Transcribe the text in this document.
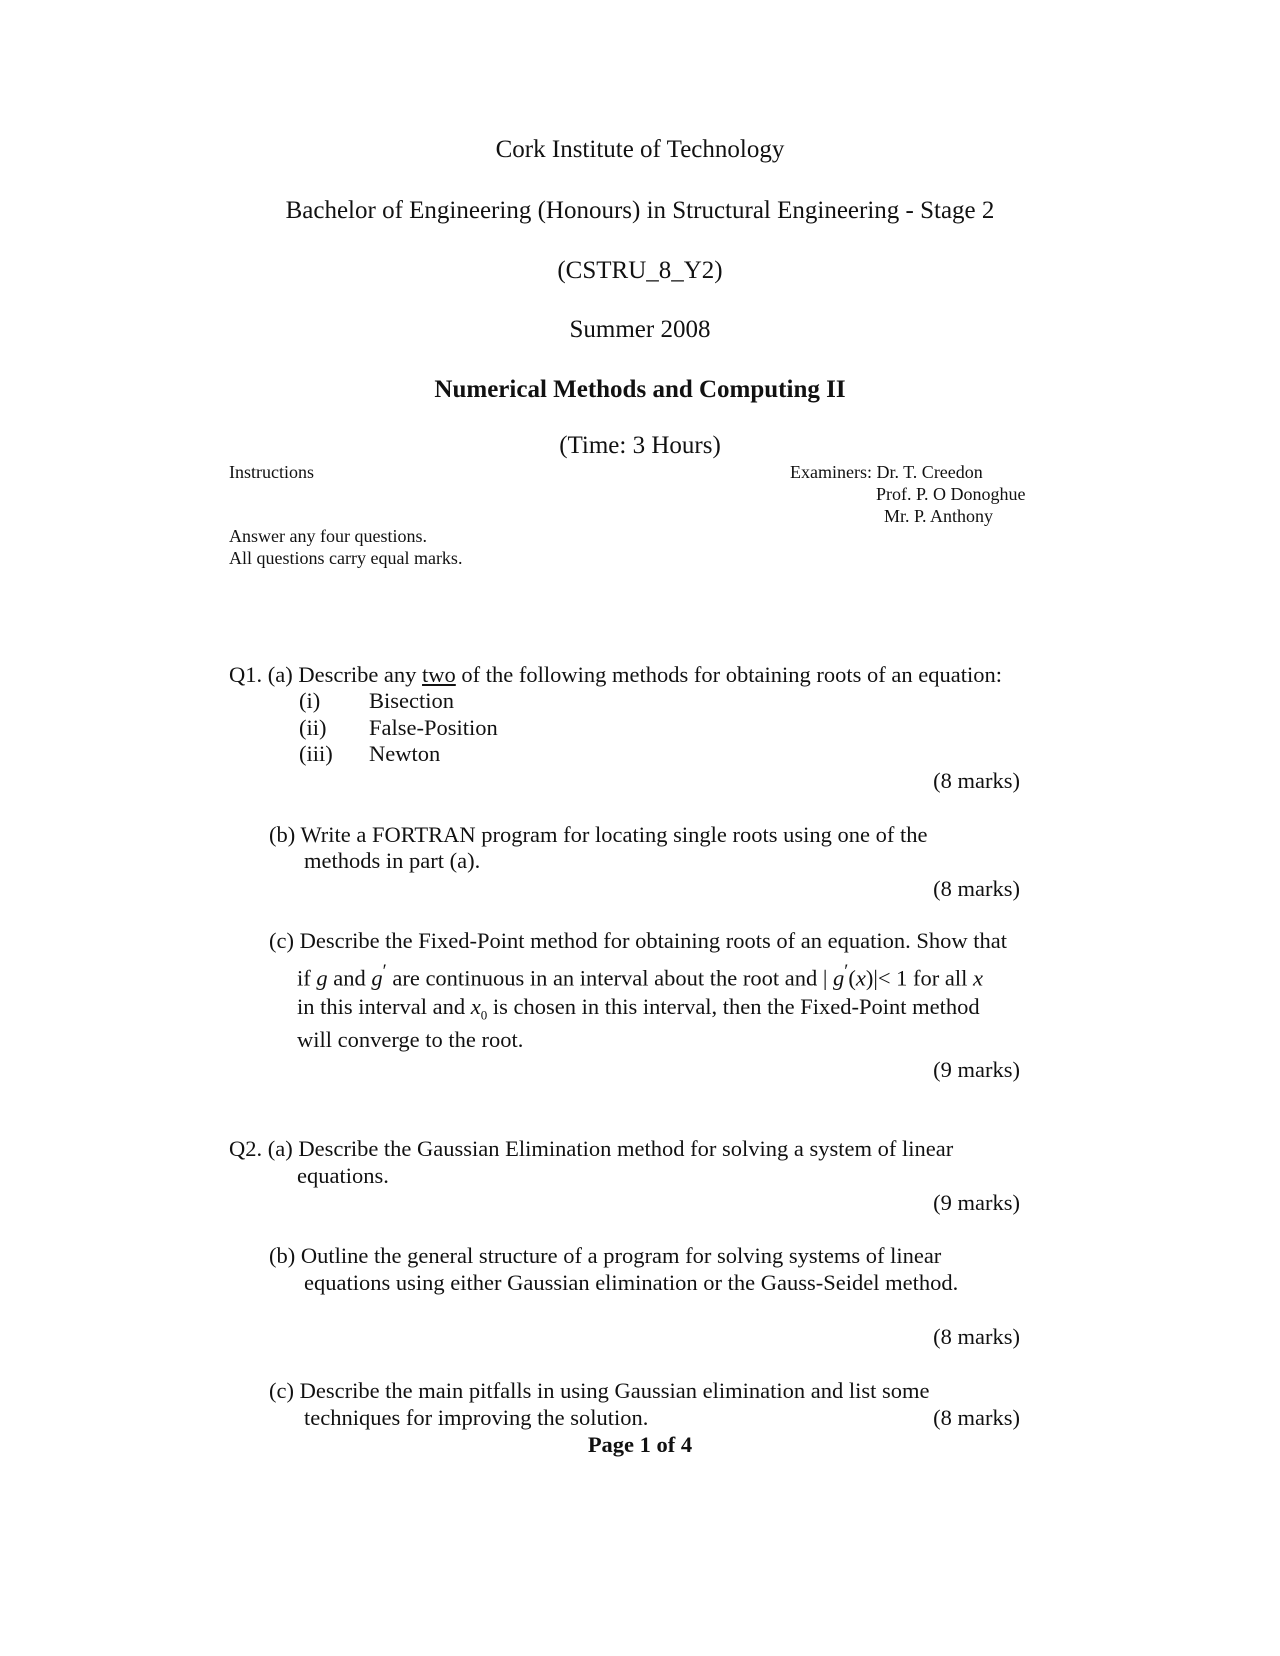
Cork Institute of Technology
Bachelor of Engineering (Honours) in Structural Engineering - Stage 2
(CSTRU_8_Y2)
Summer 2008
Numerical Methods and Computing II
(Time: 3 Hours)
Instructions
Answer any four questions.
All questions carry equal marks.
Examiners: Dr. T. Creedon
Prof. P. O Donoghue
Mr. P. Anthony
Q1. (a) Describe any two of the following methods for obtaining roots of an equation:
(i) Bisection
(ii) False-Position
(iii) Newton
(8 marks)
(b) Write a FORTRAN program for locating single roots using one of the
methods in part (a).
(8 marks)
(c) Describe the Fixed-Point method for obtaining roots of an equation. Show that
if g and g′ are continuous in an interval about the root and | g′(x)|< 1 for all x
in this interval and $x_0$ is chosen in this interval, then the Fixed-Point method
will converge to the root.
(9 marks)
Q2. (a) Describe the Gaussian Elimination method for solving a system of linear
equations.
(9 marks)
(b) Outline the general structure of a program for solving systems of linear
equations using either Gaussian elimination or the Gauss-Seidel method.
(8 marks)
(c) Describe the main pitfalls in using Gaussian elimination and list some
techniques for improving the solution.	(8 marks)
Page 1 of 4
